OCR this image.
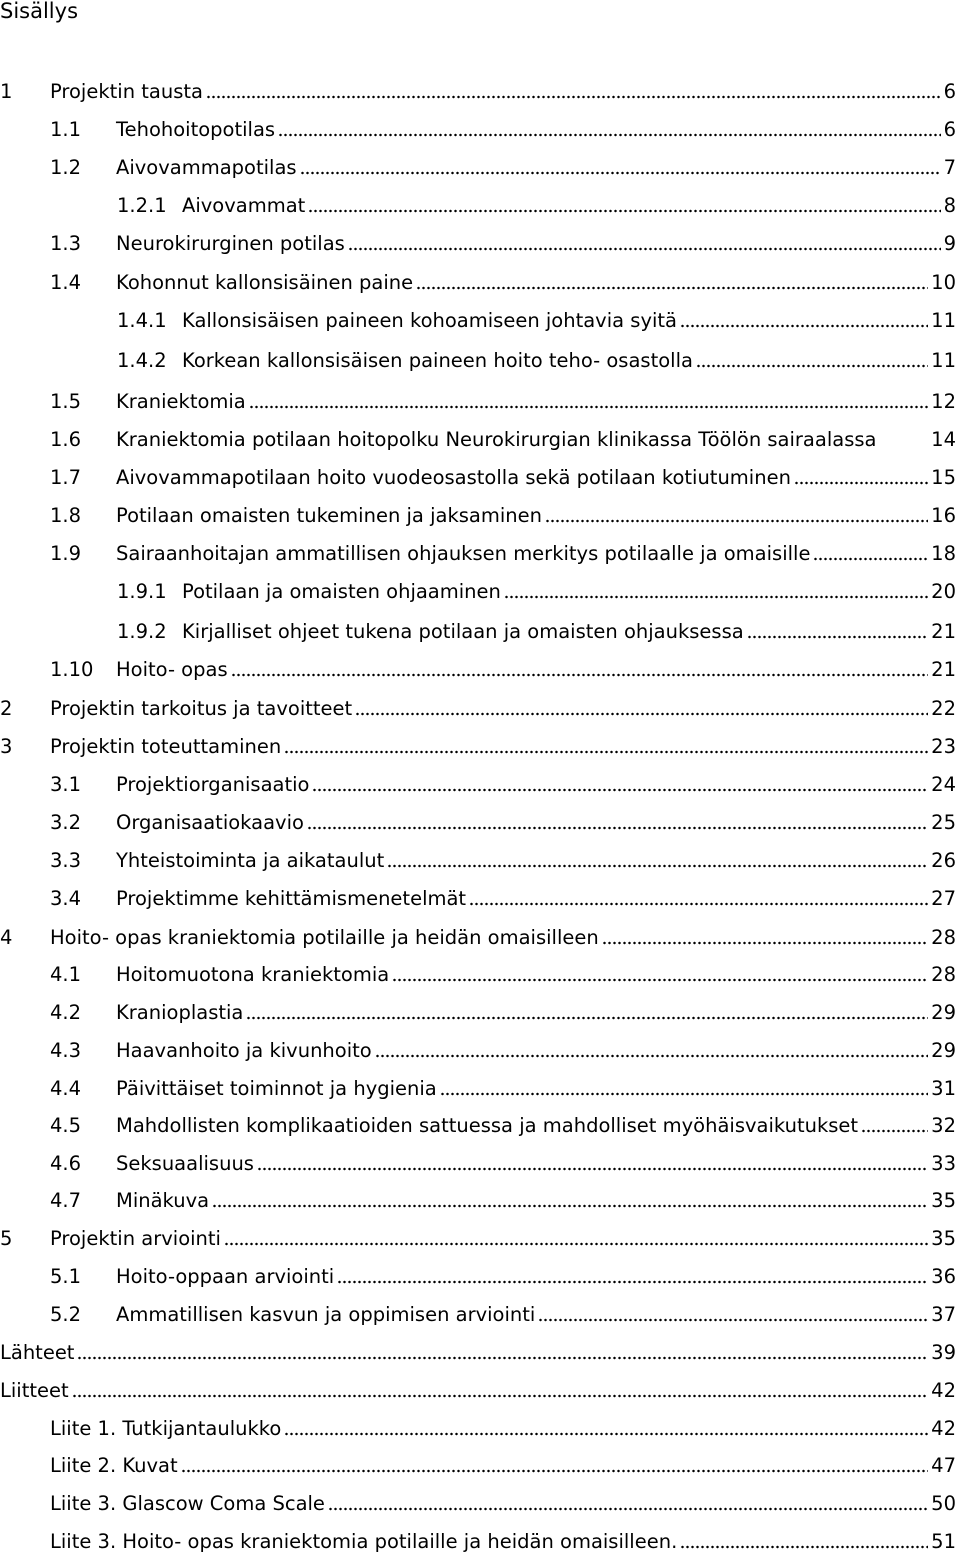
Sisällys
1	Projektin tausta	6
1.1	Tehohoitopotilas	6
1.2	Aivovammapotilas	7
1.2.1 Aivovammat	8
1.3	Neurokirurginen potilas	9
1.4	Kohonnut kallonsisäinen paine	10
1.4.1 Kallonsisäisen paineen kohoamiseen johtavia syitä	11
1.4.2 Korkean kallonsisäisen paineen hoito teho- osastolla	11
1.5	Kraniektomia	12
1.6	Kraniektomia potilaan hoitopolku Neurokirurgian klinikassa Töölön sairaalassa	14
1.7	Aivovammapotilaan hoito vuodeosastolla sekä potilaan kotiutuminen	15
1.8	Potilaan omaisten tukeminen ja jaksaminen	16
1.9	Sairaanhoitajan ammatillisen ohjauksen merkitys potilaalle ja omaisille	18
1.9.1 Potilaan ja omaisten ohjaaminen	20
1.9.2 Kirjalliset ohjeet tukena potilaan ja omaisten ohjauksessa	21
1.10	Hoito- opas	21
2	Projektin tarkoitus ja tavoitteet	22
3	Projektin toteuttaminen	23
3.1	Projektiorganisaatio	24
3.2	Organisaatiokaavio	25
3.3	Yhteistoiminta ja aikataulut	26
3.4	Projektimme kehittämismenetelmät	27
4	Hoito- opas kraniektomia potilaille ja heidän omaisilleen	28
4.1	Hoitomuotona kraniektomia	28
4.2	Kranioplastia	29
4.3	Haavanhoito ja kivunhoito	29
4.4	Päivittäiset toiminnot ja hygienia	31
4.5	Mahdollisten komplikaatioiden sattuessa ja mahdolliset myöhäisvaikutukset	32
4.6	Seksuaalisuus	33
4.7	Minäkuva	35
5	Projektin arviointi	35
5.1	Hoito-oppaan arviointi	36
5.2	Ammatillisen kasvun ja oppimisen arviointi	37
Lähteet	39
Liitteet	42
Liite 1. Tutkijantaulukko	42
Liite 2. Kuvat	47
Liite 3. Glascow Coma Scale	50
Liite 3. Hoito- opas kraniektomia potilaille ja heidän omaisilleen.	51
